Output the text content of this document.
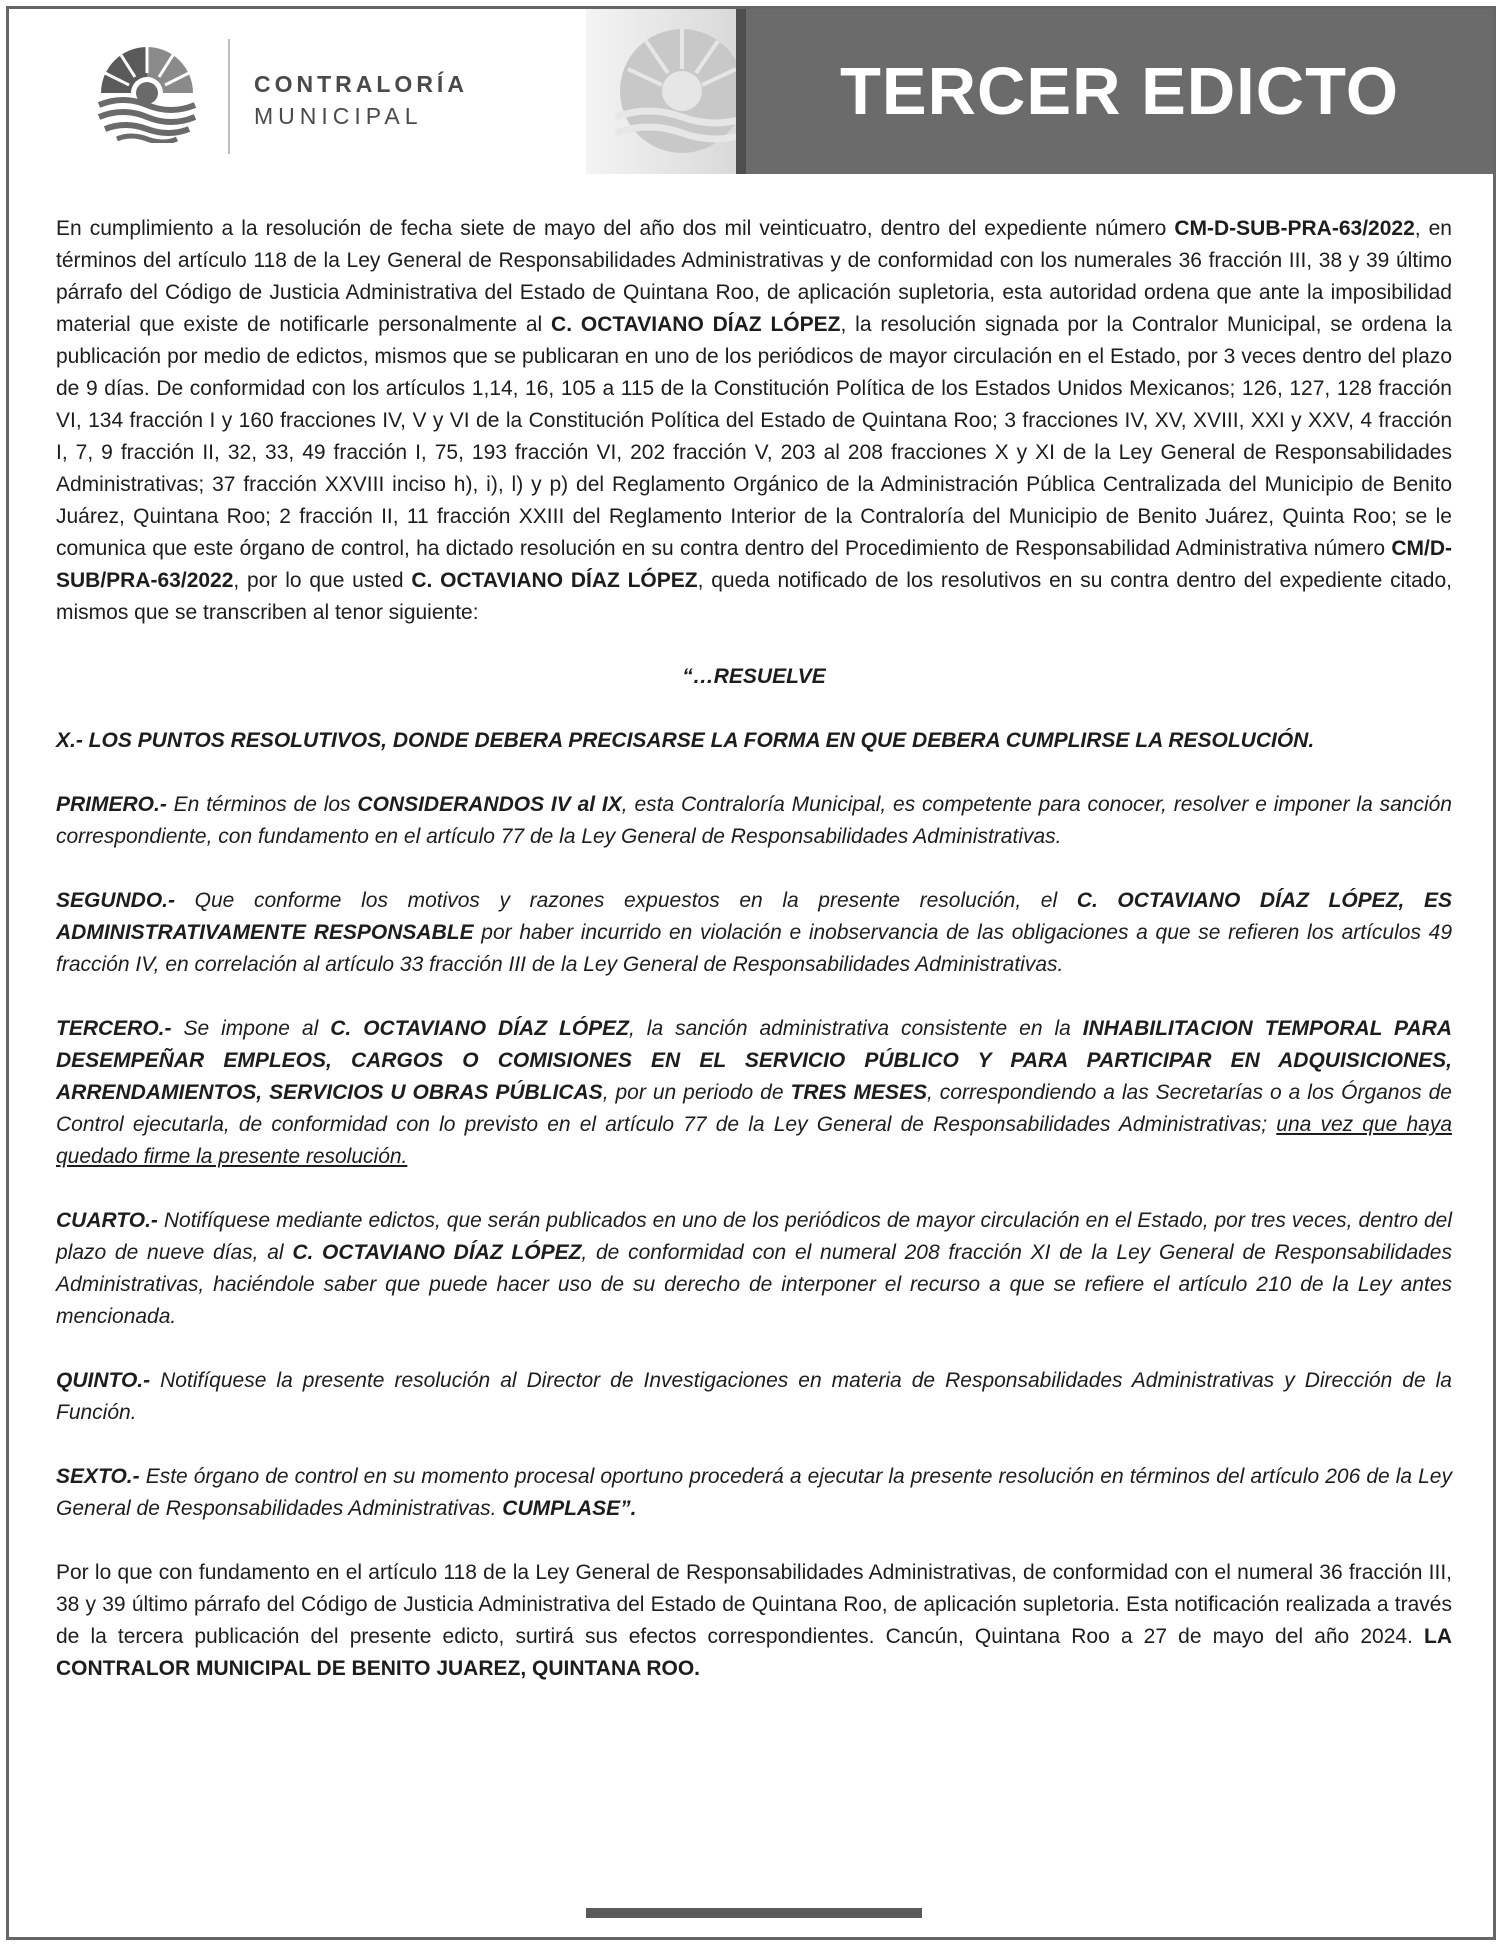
CONTRALORÍA
MUNICIPAL	TERCER EDICTO

En cumplimiento a la resolución de fecha siete de mayo del año dos mil veinticuatro, dentro del expediente número CM-D-SUB-PRA-63/2022, en términos del artículo 118 de la Ley General de Responsabilidades Administrativas y de conformidad con los numerales 36 fracción III, 38 y 39 último párrafo del Código de Justicia Administrativa del Estado de Quintana Roo, de aplicación supletoria, esta autoridad ordena que ante la imposibilidad material que existe de notificarle personalmente al C. OCTAVIANO DÍAZ LÓPEZ, la resolución signada por la Contralor Municipal, se ordena la publicación por medio de edictos, mismos que se publicaran en uno de los periódicos de mayor circulación en el Estado, por 3 veces dentro del plazo de 9 días. De conformidad con los artículos 1,14, 16, 105 a 115 de la Constitución Política de los Estados Unidos Mexicanos; 126, 127, 128 fracción VI, 134 fracción I y 160 fracciones IV, V y VI de la Constitución Política del Estado de Quintana Roo; 3 fracciones IV, XV, XVIII, XXI y XXV, 4 fracción I, 7, 9 fracción II, 32, 33, 49 fracción I, 75, 193 fracción VI, 202 fracción V, 203 al 208 fracciones X y XI de la Ley General de Responsabilidades Administrativas; 37 fracción XXVIII inciso h), i), l) y p) del Reglamento Orgánico de la Administración Pública Centralizada del Municipio de Benito Juárez, Quintana Roo; 2 fracción II, 11 fracción XXIII del Reglamento Interior de la Contraloría del Municipio de Benito Juárez, Quinta Roo; se le comunica que este órgano de control, ha dictado resolución en su contra dentro del Procedimiento de Responsabilidad Administrativa número CM/D-SUB/PRA-63/2022, por lo que usted C. OCTAVIANO DÍAZ LÓPEZ, queda notificado de los resolutivos en su contra dentro del expediente citado, mismos que se transcriben al tenor siguiente:

“…RESUELVE

X.- LOS PUNTOS RESOLUTIVOS, DONDE DEBERA PRECISARSE LA FORMA EN QUE DEBERA CUMPLIRSE LA RESOLUCIÓN.

PRIMERO.- En términos de los CONSIDERANDOS IV al IX, esta Contraloría Municipal, es competente para conocer, resolver e imponer la sanción correspondiente, con fundamento en el artículo 77 de la Ley General de Responsabilidades Administrativas.

SEGUNDO.- Que conforme los motivos y razones expuestos en la presente resolución, el C. OCTAVIANO DÍAZ LÓPEZ, ES ADMINISTRATIVAMENTE RESPONSABLE por haber incurrido en violación e inobservancia de las obligaciones a que se refieren los artículos 49 fracción IV, en correlación al artículo 33 fracción III de la Ley General de Responsabilidades Administrativas.

TERCERO.- Se impone al C. OCTAVIANO DÍAZ LÓPEZ, la sanción administrativa consistente en la INHABILITACION TEMPORAL PARA DESEMPEÑAR EMPLEOS, CARGOS O COMISIONES EN EL SERVICIO PÚBLICO Y PARA PARTICIPAR EN ADQUISICIONES, ARRENDAMIENTOS, SERVICIOS U OBRAS PÚBLICAS, por un periodo de TRES MESES, correspondiendo a las Secretarías o a los Órganos de Control ejecutarla, de conformidad con lo previsto en el artículo 77 de la Ley General de Responsabilidades Administrativas; una vez que haya quedado firme la presente resolución.

CUARTO.- Notifíquese mediante edictos, que serán publicados en uno de los periódicos de mayor circulación en el Estado, por tres veces, dentro del plazo de nueve días, al C. OCTAVIANO DÍAZ LÓPEZ, de conformidad con el numeral 208 fracción XI de la Ley General de Responsabilidades Administrativas, haciéndole saber que puede hacer uso de su derecho de interponer el recurso a que se refiere el artículo 210 de la Ley antes mencionada.

QUINTO.- Notifíquese la presente resolución al Director de Investigaciones en materia de Responsabilidades Administrativas y Dirección de la Función.

SEXTO.- Este órgano de control en su momento procesal oportuno procederá a ejecutar la presente resolución en términos del artículo 206 de la Ley General de Responsabilidades Administrativas. CUMPLASE”.

Por lo que con fundamento en el artículo 118 de la Ley General de Responsabilidades Administrativas, de conformidad con el numeral 36 fracción III, 38 y 39 último párrafo del Código de Justicia Administrativa del Estado de Quintana Roo, de aplicación supletoria. Esta notificación realizada a través de la tercera publicación del presente edicto, surtirá sus efectos correspondientes. Cancún, Quintana Roo a 27 de mayo del año 2024. LA CONTRALOR MUNICIPAL DE BENITO JUAREZ, QUINTANA ROO.
